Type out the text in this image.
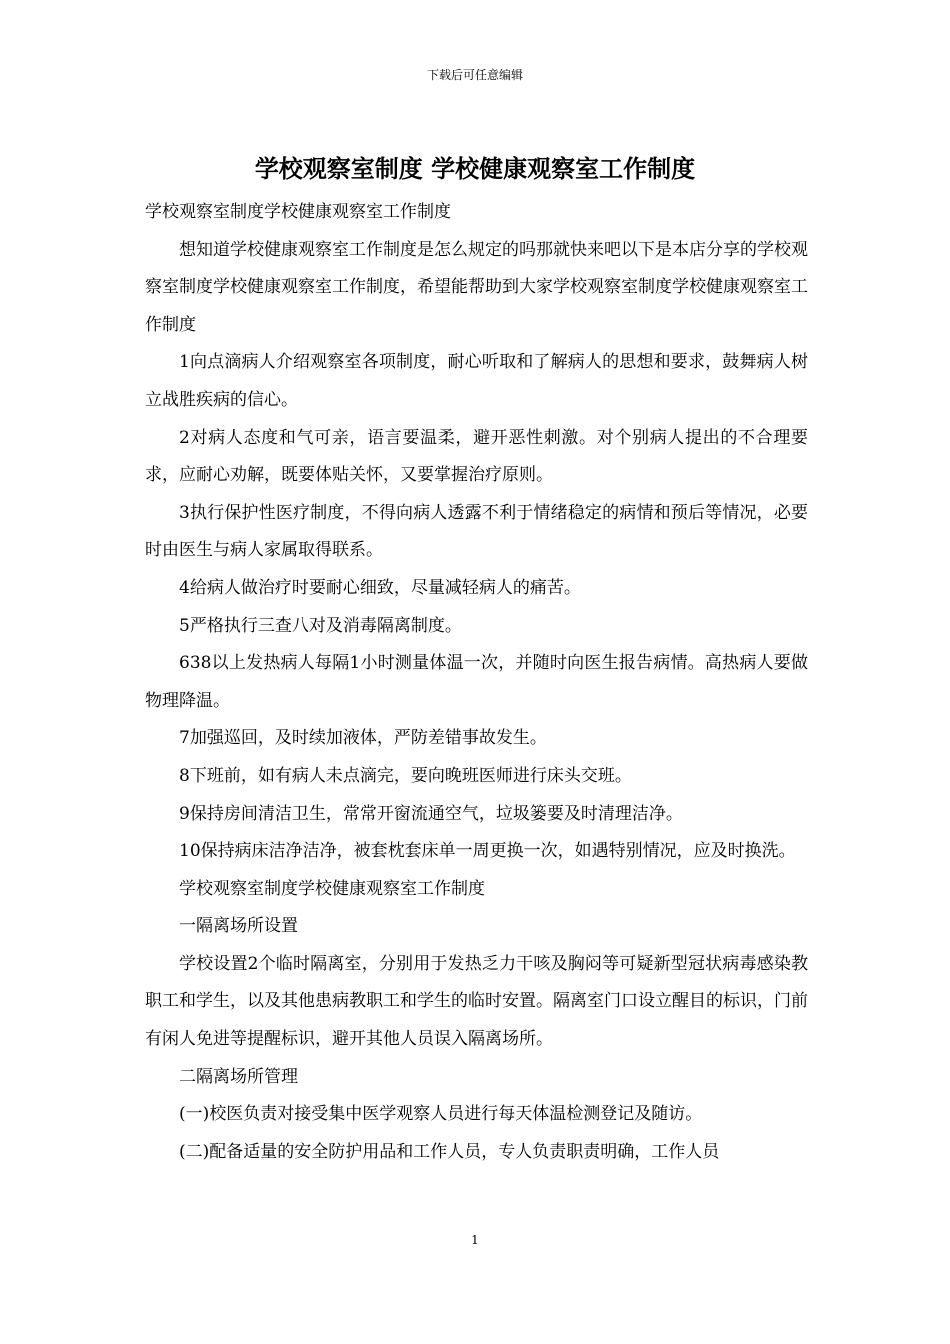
下载后可任意编辑
学校观察室制度 学校健康观察室工作制度

学校观察室制度学校健康观察室工作制度

想知道学校健康观察室工作制度是怎么规定的吗那就快来吧以下是本店分享的学校观察室制度学校健康观察室工作制度，希望能帮助到大家学校观察室制度学校健康观察室工作制度

1向点滴病人介绍观察室各项制度，耐心听取和了解病人的思想和要求，鼓舞病人树立战胜疾病的信心。

2对病人态度和气可亲，语言要温柔，避开恶性刺激。对个别病人提出的不合理要求，应耐心劝解，既要体贴关怀，又要掌握治疗原则。

3执行保护性医疗制度，不得向病人透露不利于情绪稳定的病情和预后等情况，必要时由医生与病人家属取得联系。

4给病人做治疗时要耐心细致，尽量减轻病人的痛苦。

5严格执行三查八对及消毒隔离制度。

638以上发热病人每隔1小时测量体温一次，并随时向医生报告病情。高热病人要做物理降温。

7加强巡回，及时续加液体，严防差错事故发生。

8下班前，如有病人未点滴完，要向晚班医师进行床头交班。

9保持房间清洁卫生，常常开窗流通空气，垃圾篓要及时清理洁净。

10保持病床洁净洁净，被套枕套床单一周更换一次，如遇特别情况，应及时换洗。

学校观察室制度学校健康观察室工作制度

一隔离场所设置

学校设置2个临时隔离室，分别用于发热乏力干咳及胸闷等可疑新型冠状病毒感染教职工和学生，以及其他患病教职工和学生的临时安置。隔离室门口设立醒目的标识，门前有闲人免进等提醒标识，避开其他人员误入隔离场所。

二隔离场所管理

(一)校医负责对接受集中医学观察人员进行每天体温检测登记及随访。

(二)配备适量的安全防护用品和工作人员，专人负责职责明确，工作人员

1
